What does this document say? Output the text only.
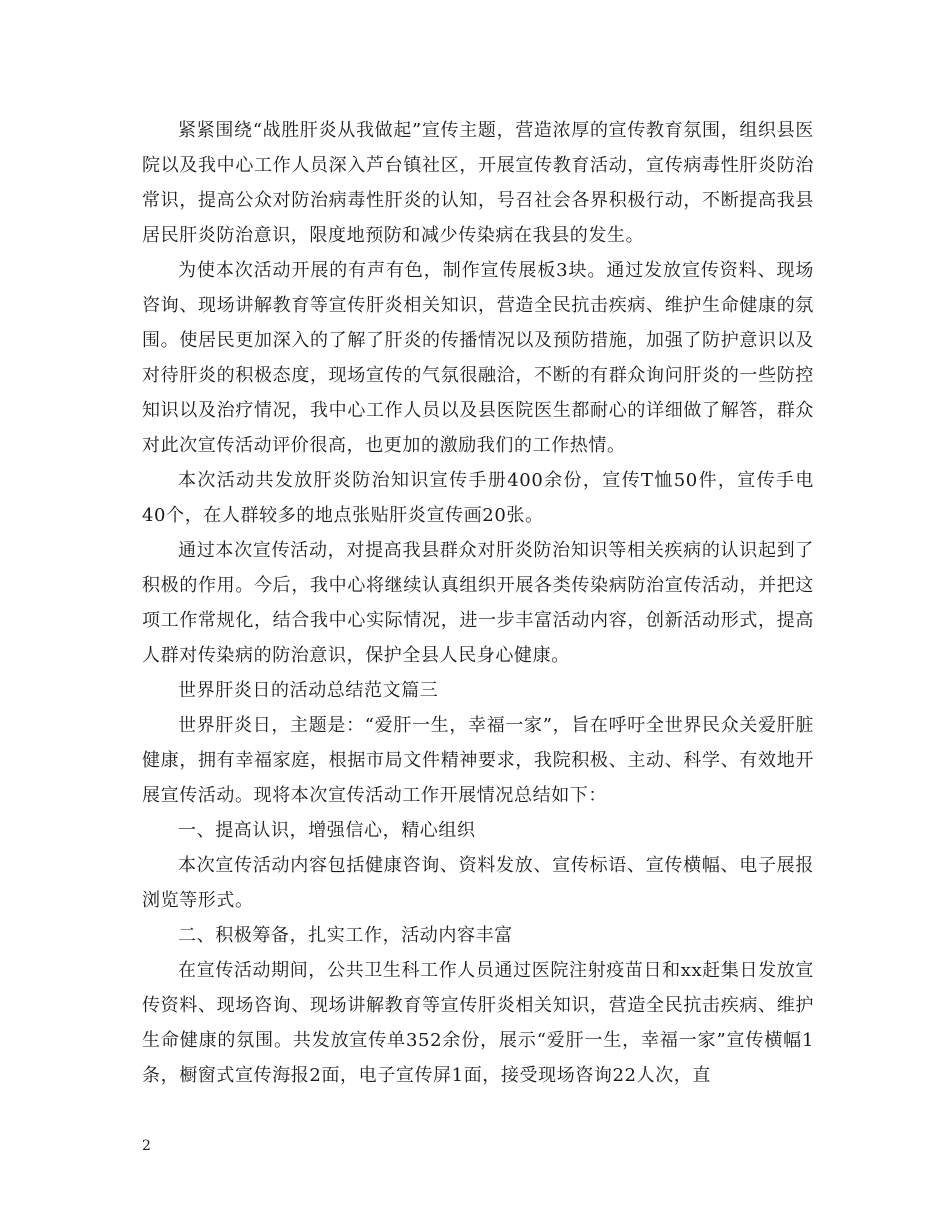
紧紧围绕“战胜肝炎从我做起”宣传主题，营造浓厚的宣传教育氛围，组织县医院以及我中心工作人员深入芦台镇社区，开展宣传教育活动，宣传病毒性肝炎防治常识，提高公众对防治病毒性肝炎的认知，号召社会各界积极行动，不断提高我县居民肝炎防治意识，限度地预防和减少传染病在我县的发生。

为使本次活动开展的有声有色，制作宣传展板3块。通过发放宣传资料、现场咨询、现场讲解教育等宣传肝炎相关知识，营造全民抗击疾病、维护生命健康的氛围。使居民更加深入的了解了肝炎的传播情况以及预防措施，加强了防护意识以及对待肝炎的积极态度，现场宣传的气氛很融洽，不断的有群众询问肝炎的一些防控知识以及治疗情况，我中心工作人员以及县医院医生都耐心的详细做了解答，群众对此次宣传活动评价很高，也更加的激励我们的工作热情。

本次活动共发放肝炎防治知识宣传手册400余份，宣传T恤50件，宣传手电40个，在人群较多的地点张贴肝炎宣传画20张。

通过本次宣传活动，对提高我县群众对肝炎防治知识等相关疾病的认识起到了积极的作用。今后，我中心将继续认真组织开展各类传染病防治宣传活动，并把这项工作常规化，结合我中心实际情况，进一步丰富活动内容，创新活动形式，提高人群对传染病的防治意识，保护全县人民身心健康。

世界肝炎日的活动总结范文篇三

世界肝炎日，主题是：“爱肝一生，幸福一家”，旨在呼吁全世界民众关爱肝脏健康，拥有幸福家庭，根据市局文件精神要求，我院积极、主动、科学、有效地开展宣传活动。现将本次宣传活动工作开展情况总结如下：

一、提高认识，增强信心，精心组织

本次宣传活动内容包括健康咨询、资料发放、宣传标语、宣传横幅、电子展报浏览等形式。

二、积极筹备，扎实工作，活动内容丰富

在宣传活动期间，公共卫生科工作人员通过医院注射疫苗日和xx赶集日发放宣传资料、现场咨询、现场讲解教育等宣传肝炎相关知识，营造全民抗击疾病、维护生命健康的氛围。共发放宣传单352余份，展示“爱肝一生，幸福一家”宣传横幅1条，橱窗式宣传海报2面，电子宣传屏1面，接受现场咨询22人次，直

2
